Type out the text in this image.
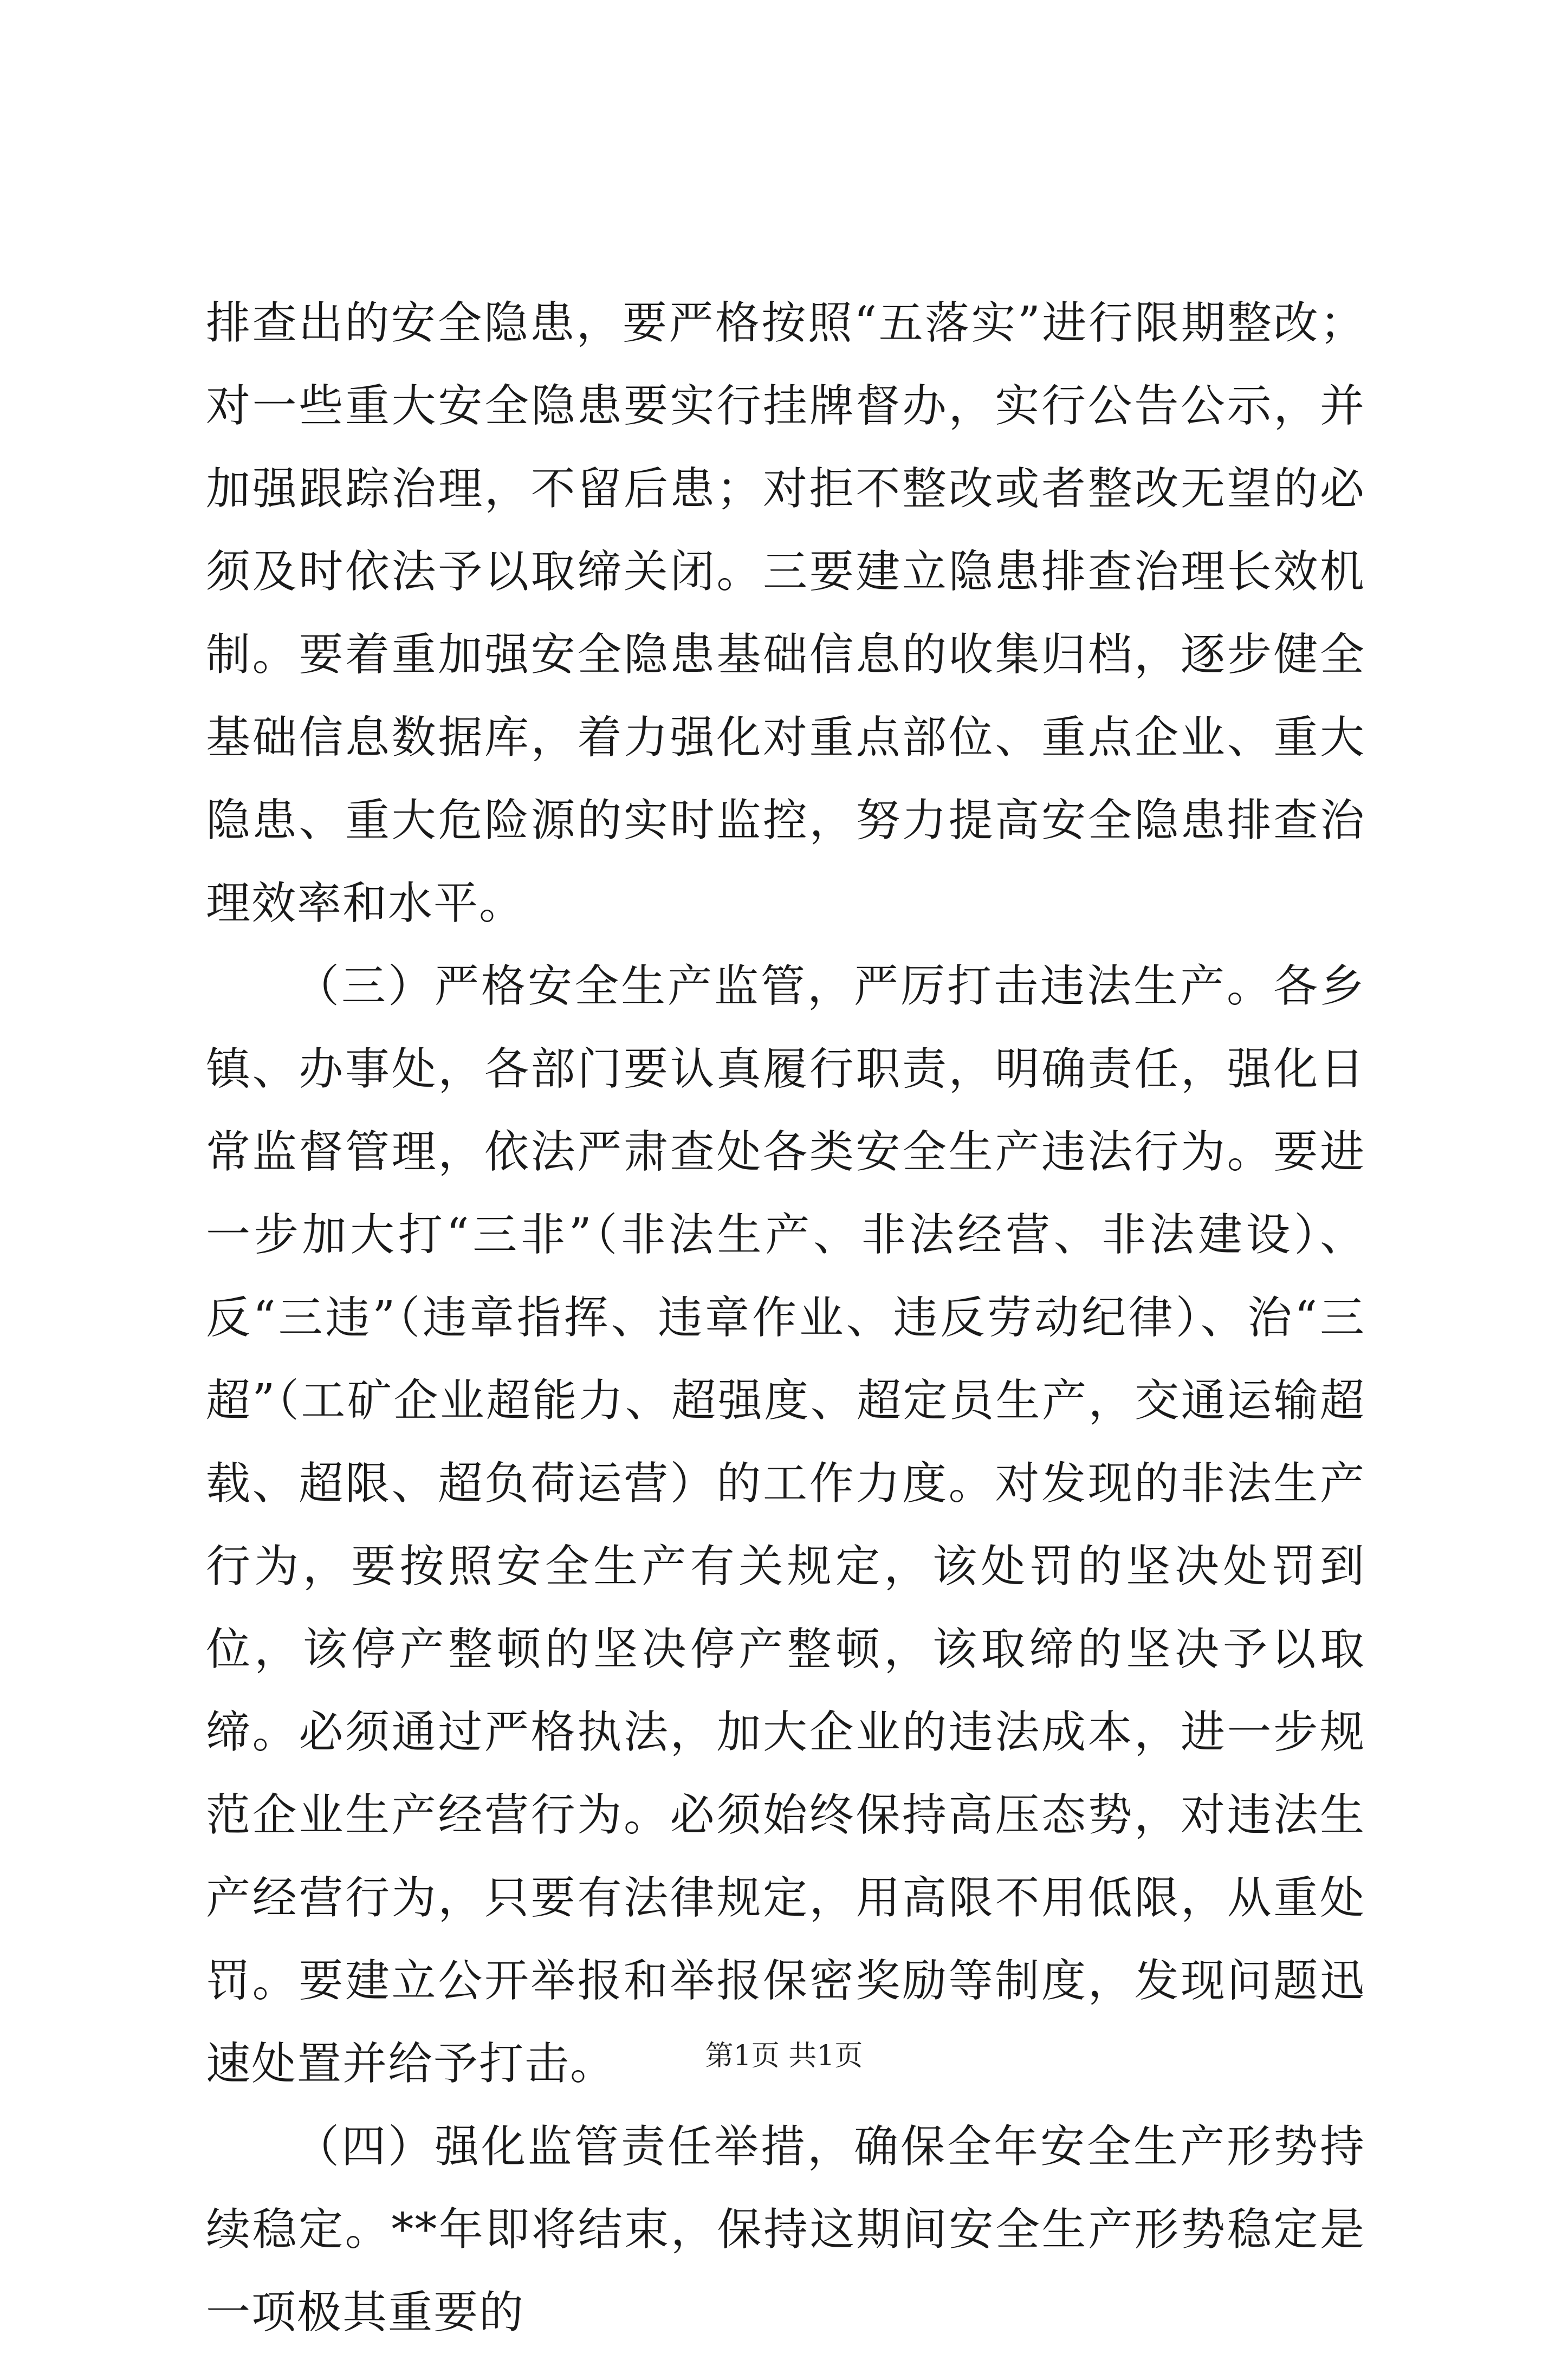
排查出的安全隐患，要严格按照“五落实”进行限期整改；对一些重大安全隐患要实行挂牌督办，实行公告公示，并加强跟踪治理，不留后患；对拒不整改或者整改无望的必须及时依法予以取缔关闭。三要建立隐患排查治理长效机制。要着重加强安全隐患基础信息的收集归档，逐步健全基础信息数据库，着力强化对重点部位、重点企业、重大隐患、重大危险源的实时监控，努力提高安全隐患排查治理效率和水平。

（三）严格安全生产监管，严厉打击违法生产。各乡镇、办事处，各部门要认真履行职责，明确责任，强化日常监督管理，依法严肃查处各类安全生产违法行为。要进一步加大打“三非”（非法生产、非法经营、非法建设）、反“三违”（违章指挥、违章作业、违反劳动纪律）、治“三超”（工矿企业超能力、超强度、超定员生产，交通运输超载、超限、超负荷运营）的工作力度。对发现的非法生产行为，要按照安全生产有关规定，该处罚的坚决处罚到位，该停产整顿的坚决停产整顿，该取缔的坚决予以取缔。必须通过严格执法，加大企业的违法成本，进一步规范企业生产经营行为。必须始终保持高压态势，对违法生产经营行为，只要有法律规定，用高限不用低限，从重处罚。要建立公开举报和举报保密奖励等制度，发现问题迅速处置并给予打击。

（四）强化监管责任举措，确保全年安全生产形势持续稳定。**年即将结束，保持这期间安全生产形势稳定是一项极其重要的

第1页 共1页
